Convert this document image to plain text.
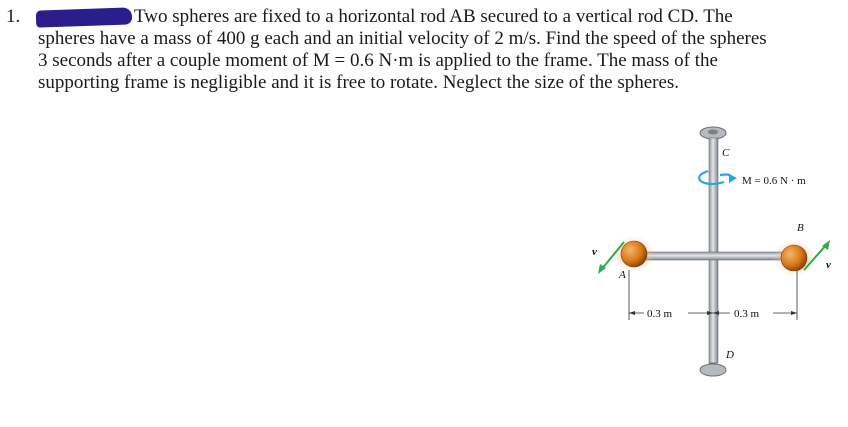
1.	Two spheres are fixed to a horizontal rod AB secured to a vertical rod CD. The
spheres have a mass of 400 g each and an initial velocity of 2 m/s. Find the speed of the spheres
3 seconds after a couple moment of M = 0.6 N·m is applied to the frame. The mass of the
supporting frame is negligible and it is free to rotate. Neglect the size of the spheres.
C
D
A
B
M = 0.6 N · m
0.3 m	0.3 m
v
v
